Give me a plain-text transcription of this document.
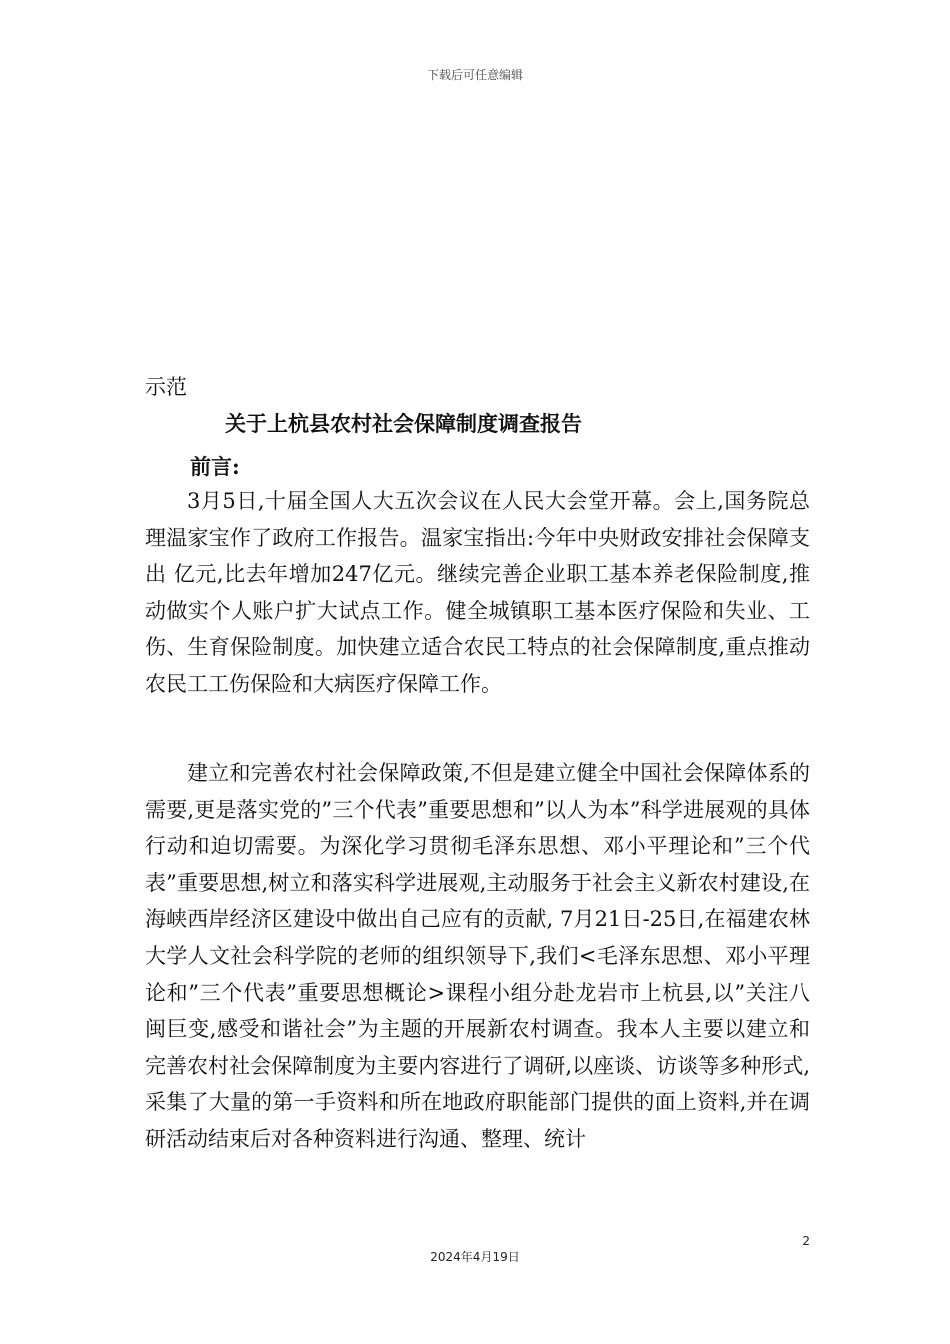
下载后可任意编辑
示范
关于上杭县农村社会保障制度调查报告
前言:

3月5日,十届全国人大五次会议在人民大会堂开幕。会上,国务院总理温家宝作了政府工作报告。温家宝指出:今年中央财政安排社会保障支出 亿元,比去年增加247亿元。继续完善企业职工基本养老保险制度,推动做实个人账户扩大试点工作。健全城镇职工基本医疗保险和失业、工伤、生育保险制度。加快建立适合农民工特点的社会保障制度,重点推动农民工工伤保险和大病医疗保障工作。

建立和完善农村社会保障政策,不但是建立健全中国社会保障体系的需要,更是落实党的”三个代表”重要思想和”以人为本”科学进展观的具体行动和迫切需要。为深化学习贯彻毛泽东思想、邓小平理论和”三个代表”重要思想,树立和落实科学进展观,主动服务于社会主义新农村建设,在海峡西岸经济区建设中做出自己应有的贡献, 7月21日-25日,在福建农林大学人文社会科学院的老师的组织领导下,我们<毛泽东思想、邓小平理论和”三个代表”重要思想概论>课程小组分赴龙岩市上杭县,以”关注八闽巨变,感受和谐社会”为主题的开展新农村调查。我本人主要以建立和完善农村社会保障制度为主要内容进行了调研,以座谈、访谈等多种形式,采集了大量的第一手资料和所在地政府职能部门提供的面上资料,并在调研活动结束后对各种资料进行沟通、整理、统计

2
2024年4月19日
